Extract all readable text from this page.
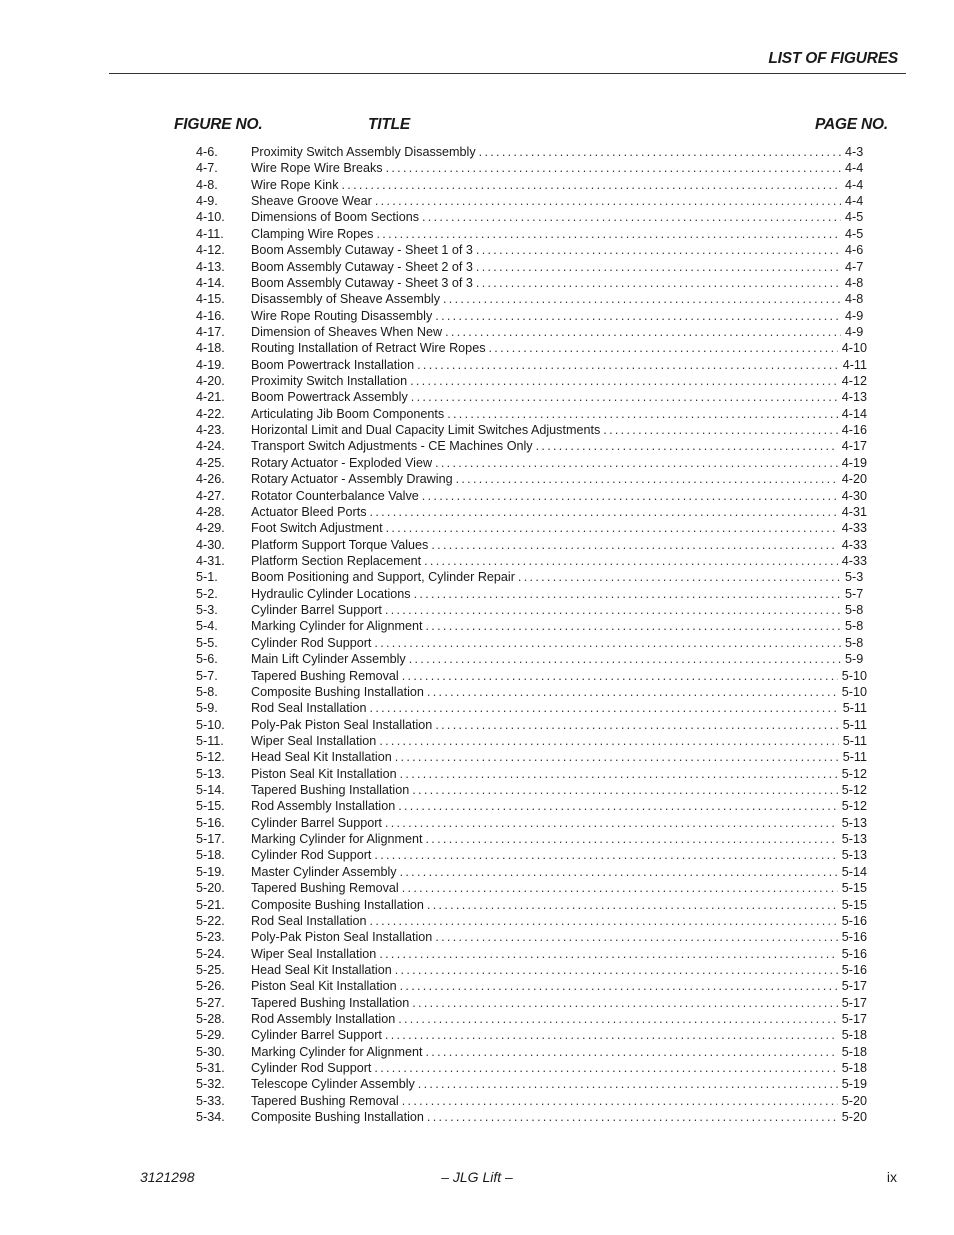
LIST OF FIGURES
FIGURE NO.	TITLE	PAGE NO.
4-6.	Proximity Switch Assembly Disassembly . . .	4-3
4-7.	Wire Rope Wire Breaks . . .	4-4
4-8.	Wire Rope Kink . . .	4-4
4-9.	Sheave Groove Wear . . .	4-4
4-10. Dimensions of Boom Sections . . .	4-5
4-11. Clamping Wire Ropes . . .	4-5
4-12. Boom Assembly Cutaway - Sheet 1 of 3 . . .	4-6
4-13. Boom Assembly Cutaway - Sheet 2 of 3 . . .	4-7
4-14. Boom Assembly Cutaway - Sheet 3 of 3 . . .	4-8
4-15. Disassembly of Sheave Assembly . . .	4-8
4-16. Wire Rope Routing Disassembly . . .	4-9
4-17. Dimension of Sheaves When New . . .	4-9
4-18. Routing Installation of Retract Wire Ropes . . .	4-10
4-19. Boom Powertrack Installation . . .	4-11
4-20. Proximity Switch Installation . . .	4-12
4-21. Boom Powertrack Assembly . . .	4-13
4-22. Articulating Jib Boom Components . . .	4-14
4-23. Horizontal Limit and Dual Capacity Limit Switches Adjustments . . .	4-16
4-24. Transport Switch Adjustments - CE Machines Only . . .	4-17
4-25. Rotary Actuator - Exploded View . . .	4-19
4-26. Rotary Actuator - Assembly Drawing . . .	4-20
4-27. Rotator Counterbalance Valve . . .	4-30
4-28. Actuator Bleed Ports . . .	4-31
4-29. Foot Switch Adjustment . . .	4-33
4-30. Platform Support Torque Values . . .	4-33
4-31. Platform Section Replacement . . .	4-33
5-1.	Boom Positioning and Support, Cylinder Repair . . .	5-3
5-2.	Hydraulic Cylinder Locations . . .	5-7
5-3.	Cylinder Barrel Support . . .	5-8
5-4.	Marking Cylinder for Alignment . . .	5-8
5-5.	Cylinder Rod Support . . .	5-8
5-6.	Main Lift Cylinder Assembly . . .	5-9
5-7.	Tapered Bushing Removal . . .	5-10
5-8.	Composite Bushing Installation . . .	5-10
5-9.	Rod Seal Installation . . .	5-11
5-10. Poly-Pak Piston Seal Installation . . .	5-11
5-11. Wiper Seal Installation . . .	5-11
5-12. Head Seal Kit Installation . . .	5-11
5-13. Piston Seal Kit Installation . . .	5-12
5-14. Tapered Bushing Installation . . .	5-12
5-15. Rod Assembly Installation . . .	5-12
5-16. Cylinder Barrel Support . . .	5-13
5-17. Marking Cylinder for Alignment . . .	5-13
5-18. Cylinder Rod Support . . .	5-13
5-19. Master Cylinder Assembly . . .	5-14
5-20. Tapered Bushing Removal . . .	5-15
5-21. Composite Bushing Installation . . .	5-15
5-22. Rod Seal Installation . . .	5-16
5-23. Poly-Pak Piston Seal Installation . . .	5-16
5-24. Wiper Seal Installation . . .	5-16
5-25. Head Seal Kit Installation . . .	5-16
5-26. Piston Seal Kit Installation . . .	5-17
5-27. Tapered Bushing Installation . . .	5-17
5-28. Rod Assembly Installation . . .	5-17
5-29. Cylinder Barrel Support . . .	5-18
5-30. Marking Cylinder for Alignment . . .	5-18
5-31. Cylinder Rod Support . . .	5-18
5-32. Telescope Cylinder Assembly . . .	5-19
5-33. Tapered Bushing Removal . . .	5-20
5-34. Composite Bushing Installation . . .	5-20
3121298	– JLG Lift –	ix
